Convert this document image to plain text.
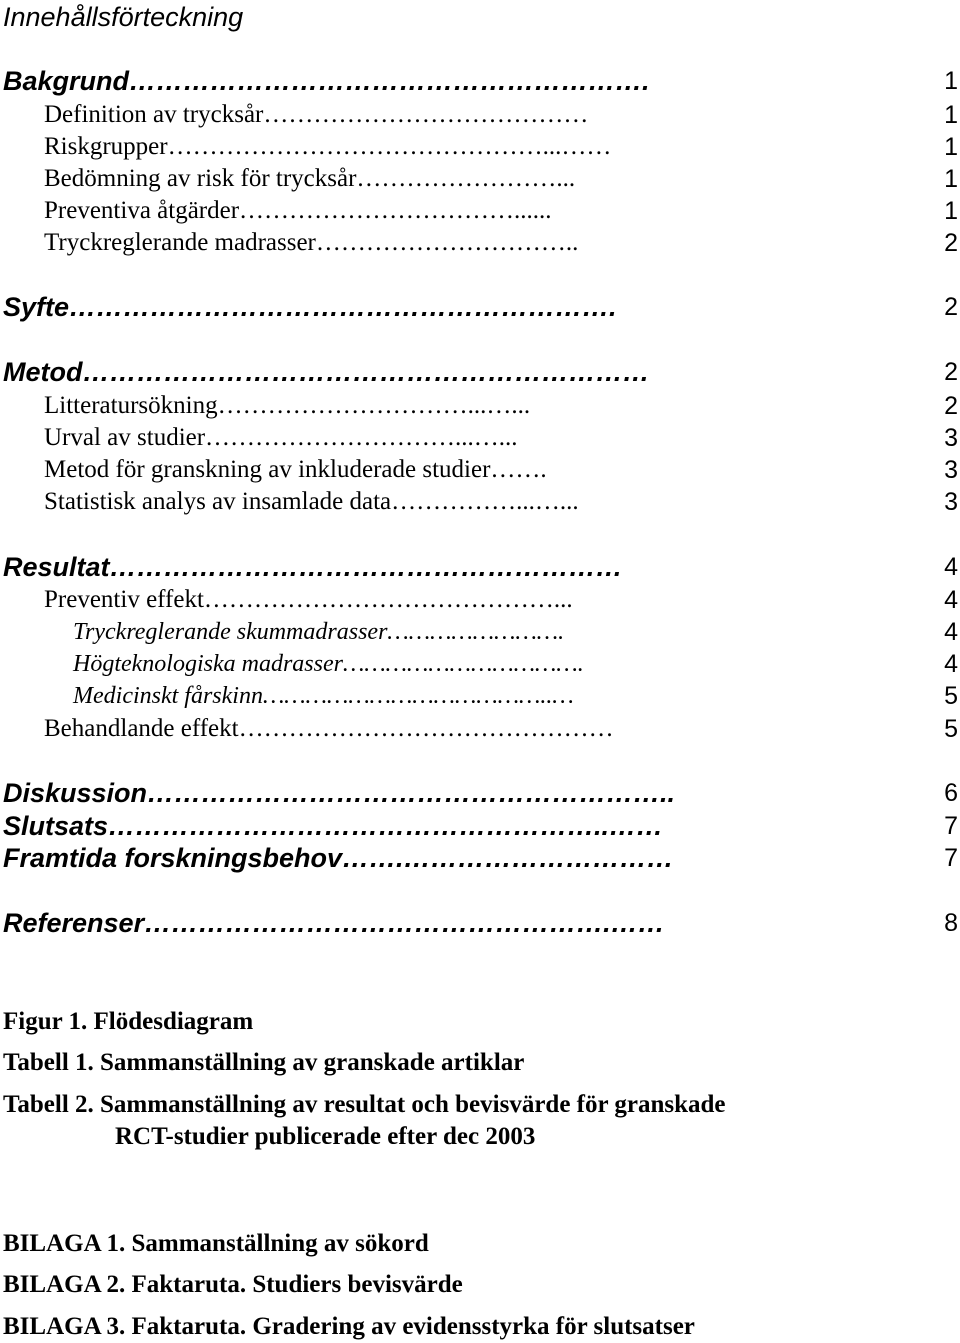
Innehållsförteckning
Bakgrund………………………………………………….
Definition av trycksår…………………………………
Riskgrupper………………………………………...……
Bedömning av risk för trycksår……………………...
Preventiva åtgärder……………………………......
Tryckreglerande madrasser…………………………..
Syfte…………………………………………………….
Metod………………………………………………………
Litteratursökning…………………………...…...
Urval av studier…………………………...…...
Metod för granskning av inkluderade studier…….
Statistisk analys av insamlade data……………...…...
Resultat…………………………………………………
Preventiv effekt……………………………………...
Tryckreglerande skummadrasser…………………….
Högteknologiska madrasser…………………………….
Medicinskt fårskinn…………………………………..…
Behandlande effekt………………………………………
Diskussion…………………………………………………..
Slutsats………………………………………………..……
Framtida forskningsbehov…….…………………………
Referenser…………………………………………….……
1
1
1
1
1
2
2
2
2
3
3
3
4
4
4
4
5
5
6
7
7
8
Figur 1. Flödesdiagram
Tabell 1. Sammanställning av granskade artiklar
Tabell 2. Sammanställning av resultat och bevisvärde för granskade
RCT-studier publicerade efter dec 2003
BILAGA 1. Sammanställning av sökord
BILAGA 2. Faktaruta. Studiers bevisvärde
BILAGA 3. Faktaruta. Gradering av evidensstyrka för slutsatser
